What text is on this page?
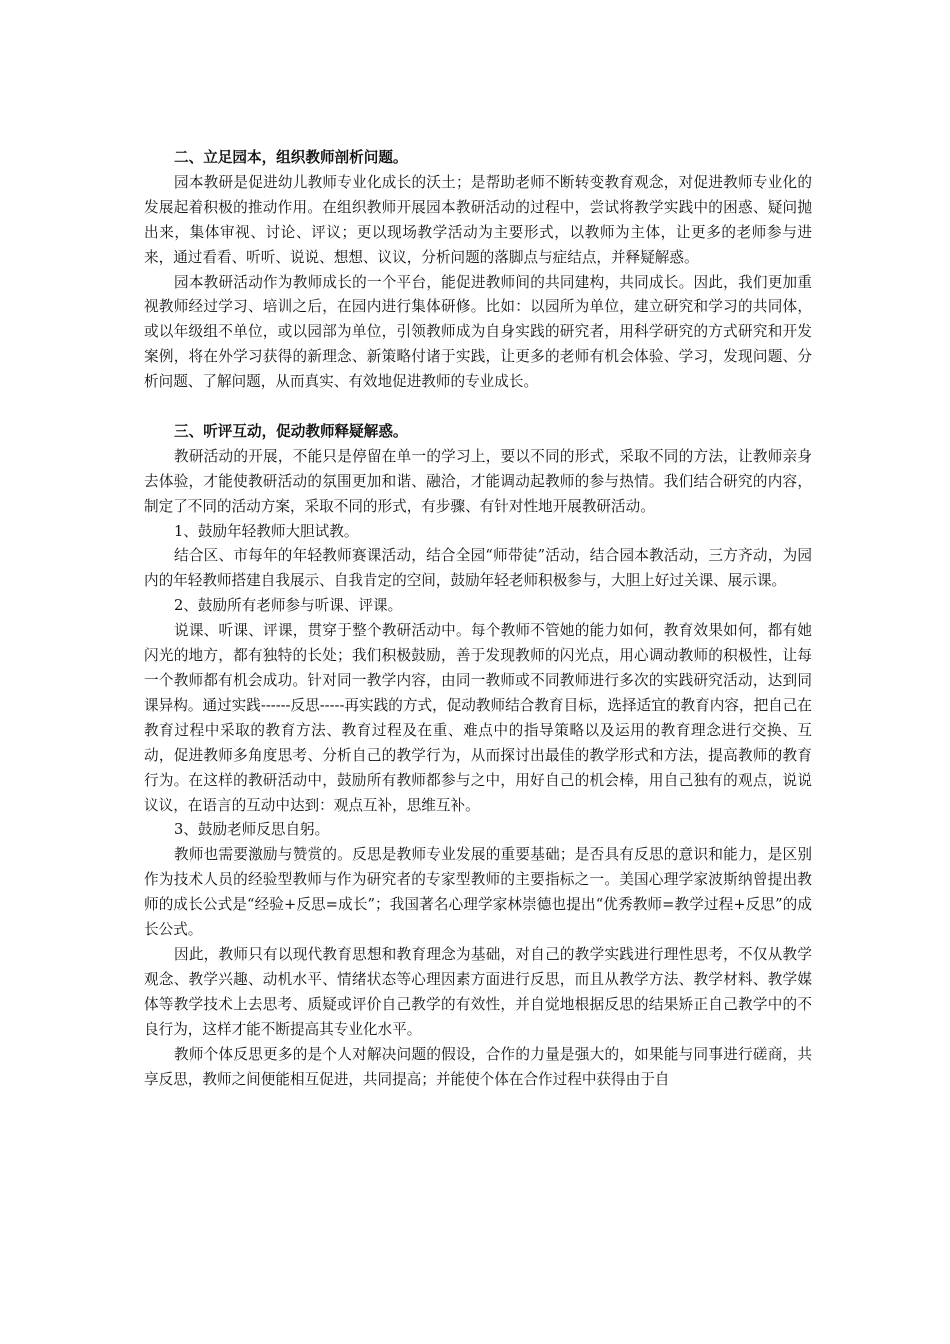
二、立足园本，组织教师剖析问题。

园本教研是促进幼儿教师专业化成长的沃土；是帮助老师不断转变教育观念，对促进教师专业化的发展起着积极的推动作用。在组织教师开展园本教研活动的过程中，尝试将教学实践中的困惑、疑问抛出来，集体审视、讨论、评议；更以现场教学活动为主要形式，以教师为主体，让更多的老师参与进来，通过看看、听听、说说、想想、议议，分析问题的落脚点与症结点，并释疑解惑。

园本教研活动作为教师成长的一个平台，能促进教师间的共同建构，共同成长。因此，我们更加重视教师经过学习、培训之后，在园内进行集体研修。比如：以园所为单位，建立研究和学习的共同体，或以年级组不单位，或以园部为单位，引领教师成为自身实践的研究者，用科学研究的方式研究和开发案例，将在外学习获得的新理念、新策略付诸于实践，让更多的老师有机会体验、学习，发现问题、分析问题、了解问题，从而真实、有效地促进教师的专业成长。

三、听评互动，促动教师释疑解惑。

教研活动的开展，不能只是停留在单一的学习上，要以不同的形式，采取不同的方法，让教师亲身去体验，才能使教研活动的氛围更加和谐、融洽，才能调动起教师的参与热情。我们结合研究的内容，制定了不同的活动方案，采取不同的形式，有步骤、有针对性地开展教研活动。

1、鼓励年轻教师大胆试教。

结合区、市每年的年轻教师赛课活动，结合全园“师带徒”活动，结合园本教活动，三方齐动，为园内的年轻教师搭建自我展示、自我肯定的空间，鼓励年轻老师积极参与，大胆上好过关课、展示课。

2、鼓励所有老师参与听课、评课。

说课、听课、评课，贯穿于整个教研活动中。每个教师不管她的能力如何，教育效果如何，都有她闪光的地方，都有独特的长处；我们积极鼓励，善于发现教师的闪光点，用心调动教师的积极性，让每一个教师都有机会成功。针对同一教学内容，由同一教师或不同教师进行多次的实践研究活动，达到同课异构。通过实践------反思-----再实践的方式，促动教师结合教育目标，选择适宜的教育内容，把自己在教育过程中采取的教育方法、教育过程及在重、难点中的指导策略以及运用的教育理念进行交换、互动，促进教师多角度思考、分析自己的教学行为，从而探讨出最佳的教学形式和方法，提高教师的教育行为。在这样的教研活动中，鼓励所有教师都参与之中，用好自己的机会棒，用自己独有的观点，说说议议，在语言的互动中达到：观点互补，思维互补。

3、鼓励老师反思自躬。

教师也需要激励与赞赏的。反思是教师专业发展的重要基础；是否具有反思的意识和能力，是区别作为技术人员的经验型教师与作为研究者的专家型教师的主要指标之一。美国心理学家波斯纳曾提出教师的成长公式是“经验+反思=成长”；我国著名心理学家林崇德也提出“优秀教师=教学过程+反思”的成长公式。

因此，教师只有以现代教育思想和教育理念为基础，对自己的教学实践进行理性思考，不仅从教学观念、教学兴趣、动机水平、情绪状态等心理因素方面进行反思，而且从教学方法、教学材料、教学媒体等教学技术上去思考、质疑或评价自己教学的有效性，并自觉地根据反思的结果矫正自己教学中的不良行为，这样才能不断提高其专业化水平。

教师个体反思更多的是个人对解决问题的假设，合作的力量是强大的，如果能与同事进行磋商，共享反思，教师之间便能相互促进，共同提高；并能使个体在合作过程中获得由于自
